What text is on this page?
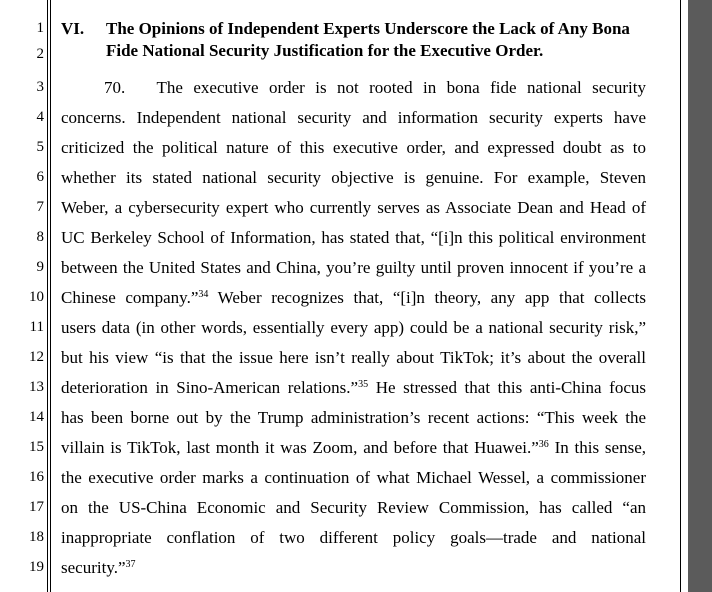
1
2
3
4
5
6
7
8
9
10
11
12
13
14
15
16
17
18
19
VI. The Opinions of Independent Experts Underscore the Lack of Any Bona
Fide National Security Justification for the Executive Order.
70.   The executive order is not rooted in bona fide national security
concerns. Independent national security and information security experts have
criticized the political nature of this executive order, and expressed doubt as to
whether its stated national security objective is genuine. For example, Steven
Weber, a cybersecurity expert who currently serves as Associate Dean and Head of
UC Berkeley School of Information, has stated that, “[i]n this political environment
between the United States and China, you’re guilty until proven innocent if you’re a
Chinese company.”$^{34}$ Weber recognizes that, “[i]n theory, any app that collects
users data (in other words, essentially every app) could be a national security risk,”
but his view “is that the issue here isn’t really about TikTok; it’s about the overall
deterioration in Sino-American relations.”$^{35}$ He stressed that this anti-China focus
has been borne out by the Trump administration’s recent actions: “This week the
villain is TikTok, last month it was Zoom, and before that Huawei.”$^{36}$ In this sense,
the executive order marks a continuation of what Michael Wessel, a commissioner
on the US-China Economic and Security Review Commission, has called “an
inappropriate conflation of two different policy goals—trade and national
security.”$^{37}$
